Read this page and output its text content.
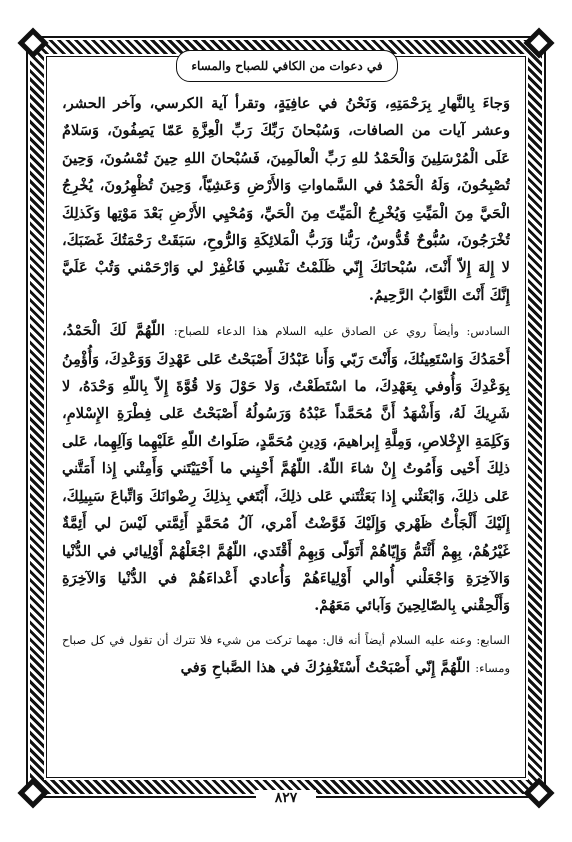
في دعوات من الكافي للصباح والمساء

وَجاءَ بِالنَّهارِ بِرَحْمَتِهِ، وَنَحْنُ في عافِيَةٍ، وتقرأ آية الكرسي، وآخر الحشر، وعشر آيات من الصافات، وَسُبْحانَ رَبِّكَ رَبِّ الْعِزَّةِ عَمّا يَصِفُونَ، وَسَلامٌ عَلَى الْمُرْسَلِينَ وَالْحَمْدُ للهِ رَبِّ الْعالَمِينَ، فَسُبْحانَ اللهِ حِينَ تُمْسُونَ، وَحِينَ تُصْبِحُونَ، وَلَهُ الْحَمْدُ في السَّماواتِ وَالأَرْضِ وَعَشِيّاً، وَحِينَ تُظْهِرُونَ، يُخْرِجُ الْحَيَّ مِنَ الْمَيِّتِ وَيُخْرِجُ الْمَيِّتَ مِنَ الْحَيِّ، وَمُحْيِي الأَرْضِ بَعْدَ مَوْتِها وَكَذلِكَ تُخْرَجُونَ، سُبُّوحٌ قُدُّوسٌ، رَبُّنا وَرَبُّ الْمَلائِكَةِ وَالرُّوحِ، سَبَقَتْ رَحْمَتُكَ غَضَبَكَ، لا إِلهَ إِلاّ أَنْتَ، سُبْحانَكَ إِنّي ظَلَمْتُ نَفْسِي فَاغْفِرْ لي وَارْحَمْني وَتُبْ عَلَيَّ إِنَّكَ أَنْتَ التَّوّابُ الرَّحِيمُ.

السادس: وأيضاً روي عن الصادق عليه السلام هذا الدعاء للصباح: اللّهُمَّ لَكَ الْحَمْدُ، أَحْمَدُكَ وَاسْتَعِينُكَ، وَأَنْتَ رَبّي وَأَنا عَبْدُكَ أَصْبَحْتُ عَلى عَهْدِكَ وَوَعْدِكَ، وَأُؤْمِنُ بِوَعْدِكَ وَأُوفي بِعَهْدِكَ، ما اسْتَطَعْتُ، وَلا حَوْلَ وَلا قُوَّةَ إِلاّ بِاللّهِ وَحْدَهُ، لا شَرِيكَ لَهُ، وَأَشْهَدُ أَنَّ مُحَمَّداً عَبْدُهُ وَرَسُولُهُ أَصْبَحْتُ عَلى فِطْرَةِ الإِسْلامِ، وَكَلِمَةِ الإِخْلاصِ، وَمِلَّةِ إِبراهيمَ، وَدِينِ مُحَمَّدٍ، صَلَواتُ اللّهِ عَلَيْهِما وَآلِهِما، عَلى ذلِكَ أَحْيى وَأَمُوتُ إِنْ شاءَ اللّهُ. اللّهُمَّ أَحْيِني ما أَحْيَيْتَني وَأَمِتْني إِذا أَمَتَّني عَلى ذلِكَ، وَابْعَثْني إِذا بَعَثْتَني عَلى ذلِكَ، أَبْتَغي بِذلِكَ رِضْوانَكَ وَاتِّباعَ سَبِيلِكَ، إِلَيْكَ أَلْجَأْتُ ظَهْري وَإِلَيْكَ فَوَّضْتُ أَمْري، آلُ مُحَمَّدٍ أَئِمَّتي لَيْسَ لي أَئِمَّةٌ غَيْرُهُمْ، بِهِمْ أَئْتَمُّ وَإِيّاهُمْ أَتَوَلّى وَبِهِمْ أَقْتَدي، اللّهُمَّ اجْعَلْهُمْ أَوْلِيائي في الدُّنْيا وَالآخِرَةِ وَاجْعَلْني أُوالي أَوْلِياءَهُمْ وَأُعادي أَعْداءَهُمْ في الدُّنْيا وَالآخِرَةِ وَأَلْحِقْني بِالصّالِحِينَ وَآبائي مَعَهُمْ.

السابع: وعنه عليه السلام أيضاً أنه قال: مهما تركت من شيء فلا تترك أن تقول في كل صباح ومساء: اللّهُمَّ إِنّي أَصْبَحْتُ أَسْتَغْفِرُكَ في هذا الصَّباحِ وَفي

٨٢٧
